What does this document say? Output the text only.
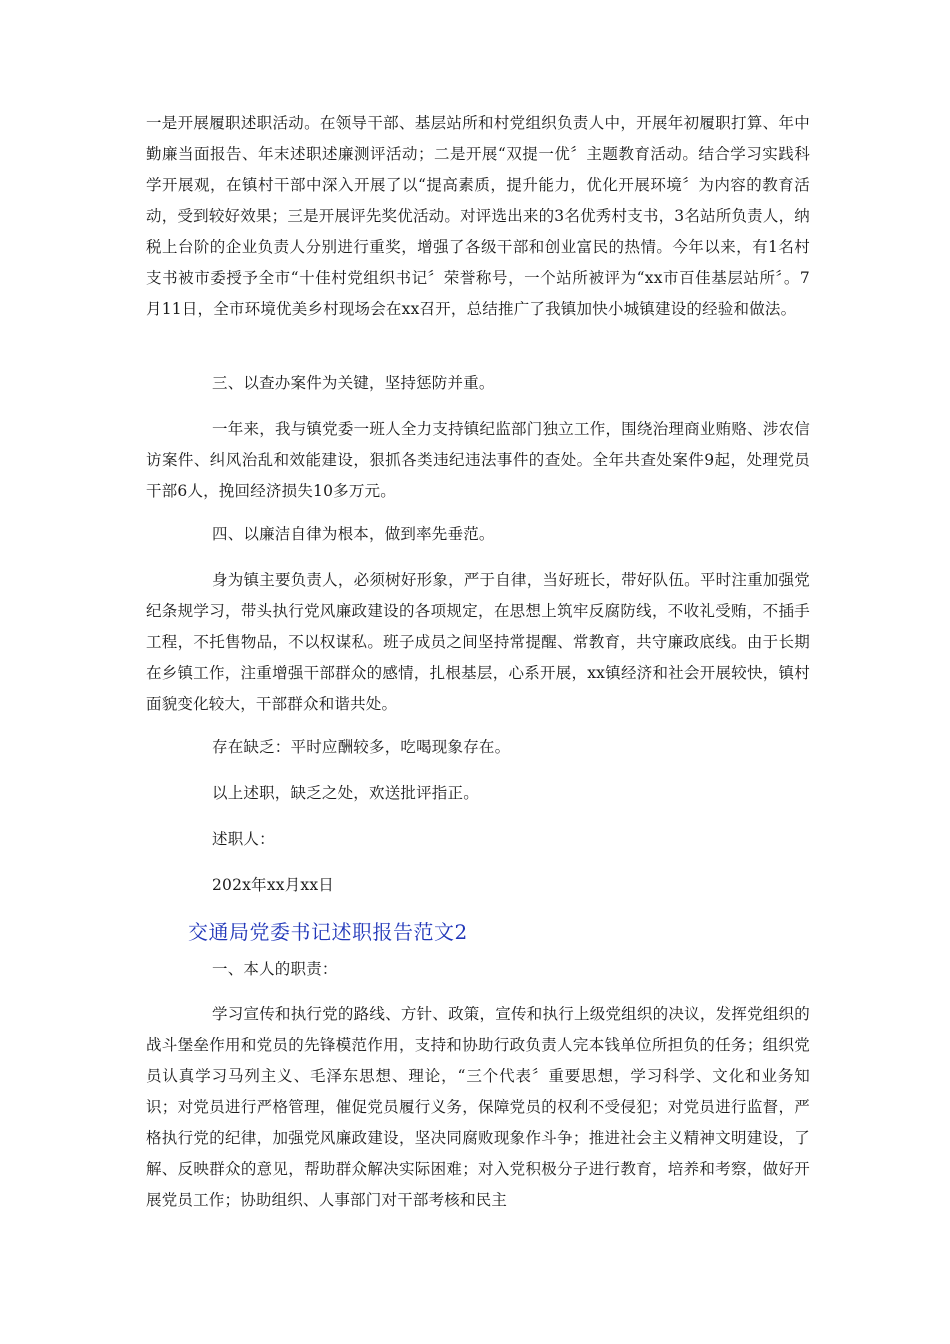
一是开展履职述职活动。在领导干部、基层站所和村党组织负责人中，开展年初履职打算、年中勤廉当面报告、年末述职述廉测评活动；二是开展“双提一优〞主题教育活动。结合学习实践科学开展观，在镇村干部中深入开展了以“提高素质，提升能力，优化开展环境〞为内容的教育活动，受到较好效果；三是开展评先奖优活动。对评选出来的3名优秀村支书，3名站所负责人，纳税上台阶的企业负责人分别进行重奖，增强了各级干部和创业富民的热情。今年以来，有1名村支书被市委授予全市“十佳村党组织书记〞荣誉称号，一个站所被评为“xx市百佳基层站所〞。7月11日，全市环境优美乡村现场会在xx召开，总结推广了我镇加快小城镇建设的经验和做法。

三、以查办案件为关键，坚持惩防并重。

一年来，我与镇党委一班人全力支持镇纪监部门独立工作，围绕治理商业贿赂、涉农信访案件、纠风治乱和效能建设，狠抓各类违纪违法事件的查处。全年共查处案件9起，处理党员干部6人，挽回经济损失10多万元。

四、以廉洁自律为根本，做到率先垂范。

身为镇主要负责人，必须树好形象，严于自律，当好班长，带好队伍。平时注重加强党纪条规学习，带头执行党风廉政建设的各项规定，在思想上筑牢反腐防线，不收礼受贿，不插手工程，不托售物品，不以权谋私。班子成员之间坚持常提醒、常教育，共守廉政底线。由于长期在乡镇工作，注重增强干部群众的感情，扎根基层，心系开展，xx镇经济和社会开展较快，镇村面貌变化较大，干部群众和谐共处。

存在缺乏：平时应酬较多，吃喝现象存在。

以上述职，缺乏之处，欢送批评指正。

述职人：

202x年xx月xx日

交通局党委书记述职报告范文2

一、本人的职责：

学习宣传和执行党的路线、方针、政策，宣传和执行上级党组织的决议，发挥党组织的战斗堡垒作用和党员的先锋模范作用，支持和协助行政负责人完本钱单位所担负的任务；组织党员认真学习马列主义、毛泽东思想、理论，“三个代表〞重要思想，学习科学、文化和业务知识；对党员进行严格管理，催促党员履行义务，保障党员的权利不受侵犯；对党员进行监督，严格执行党的纪律，加强党风廉政建设，坚决同腐败现象作斗争；推进社会主义精神文明建设，了解、反映群众的意见，帮助群众解决实际困难；对入党积极分子进行教育，培养和考察，做好开展党员工作；协助组织、人事部门对干部考核和民主
